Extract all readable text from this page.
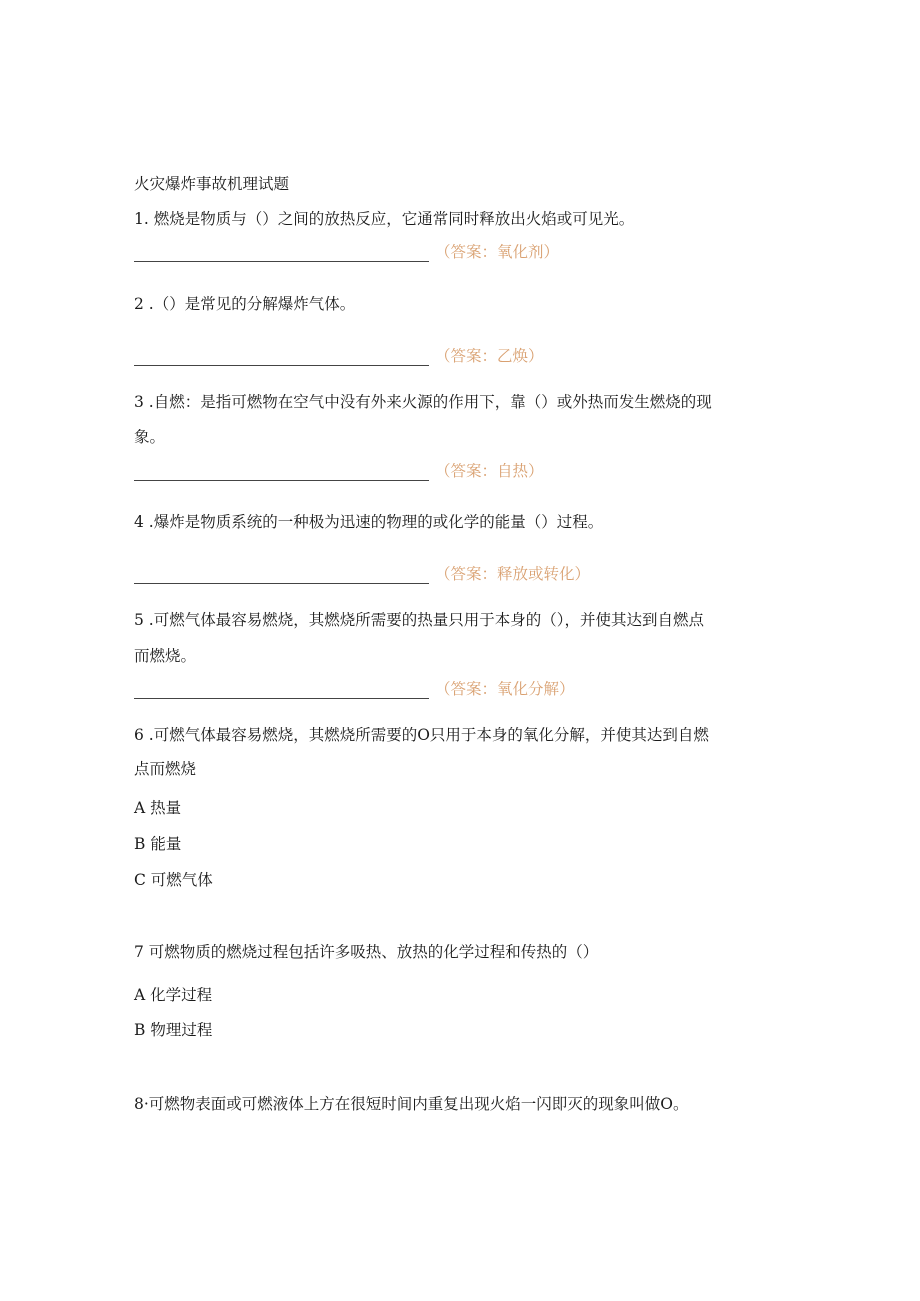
火灾爆炸事故机理试题
1. 燃烧是物质与（）之间的放热反应，它通常同时释放出火焰或可见光。
（答案：氧化剂）
2 .（）是常见的分解爆炸气体。
（答案：乙焕）
3 .自燃：是指可燃物在空气中没有外来火源的作用下，靠（）或外热而发生燃烧的现
象。
（答案：自热）
4 .爆炸是物质系统的一种极为迅速的物理的或化学的能量（）过程。
（答案：释放或转化）
5 .可燃气体最容易燃烧，其燃烧所需要的热量只用于本身的（），并使其达到自燃点
而燃烧。
（答案：氧化分解）
6 .可燃气体最容易燃烧，其燃烧所需要的O只用于本身的氧化分解，并使其达到自燃
点而燃烧
A 热量
B 能量
C 可燃气体
7 可燃物质的燃烧过程包括许多吸热、放热的化学过程和传热的（）
A 化学过程
B 物理过程
8·可燃物表面或可燃液体上方在很短时间内重复出现火焰一闪即灭的现象叫做O。
